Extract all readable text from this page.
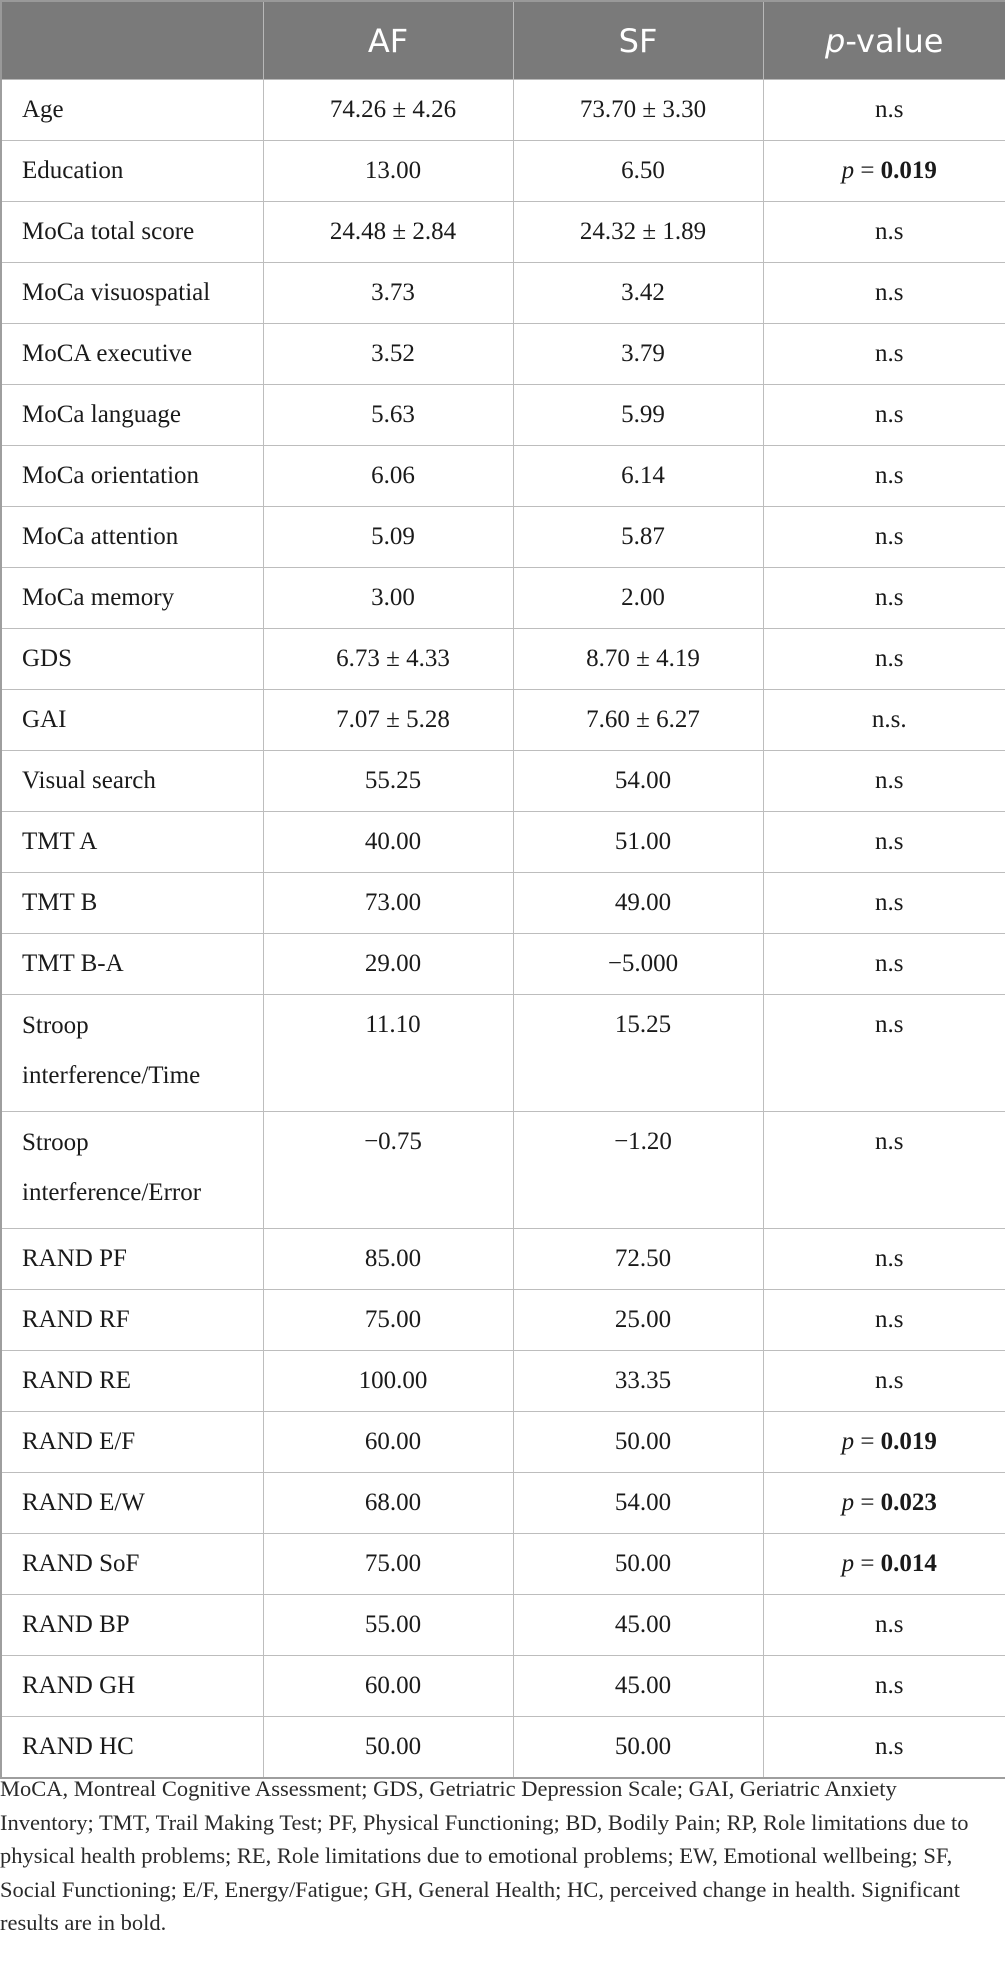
	AF	SF	p-value
Age	74.26 ± 4.26	73.70 ± 3.30	n.s
Education	13.00	6.50	p = 0.019
MoCa total score	24.48 ± 2.84	24.32 ± 1.89	n.s
MoCa visuospatial	3.73	3.42	n.s
MoCA executive	3.52	3.79	n.s
MoCa language	5.63	5.99	n.s
MoCa orientation	6.06	6.14	n.s
MoCa attention	5.09	5.87	n.s
MoCa memory	3.00	2.00	n.s
GDS	6.73 ± 4.33	8.70 ± 4.19	n.s
GAI	7.07 ± 5.28	7.60 ± 6.27	n.s.
Visual search	55.25	54.00	n.s
TMT A	40.00	51.00	n.s
TMT B	73.00	49.00	n.s
TMT B-A	29.00	−5.000	n.s
Stroop interference/Time	11.10	15.25	n.s
Stroop interference/Error	−0.75	−1.20	n.s
RAND PF	85.00	72.50	n.s
RAND RF	75.00	25.00	n.s
RAND RE	100.00	33.35	n.s
RAND E/F	60.00	50.00	p = 0.019
RAND E/W	68.00	54.00	p = 0.023
RAND SoF	75.00	50.00	p = 0.014
RAND BP	55.00	45.00	n.s
RAND GH	60.00	45.00	n.s
RAND HC	50.00	50.00	n.s

MoCA, Montreal Cognitive Assessment; GDS, Getriatric Depression Scale; GAI, Geriatric Anxiety Inventory; TMT, Trail Making Test; PF, Physical Functioning; BD, Bodily Pain; RP, Role limitations due to physical health problems; RE, Role limitations due to emotional problems; EW, Emotional wellbeing; SF, Social Functioning; E/F, Energy/Fatigue; GH, General Health; HC, perceived change in health. Significant results are in bold.
